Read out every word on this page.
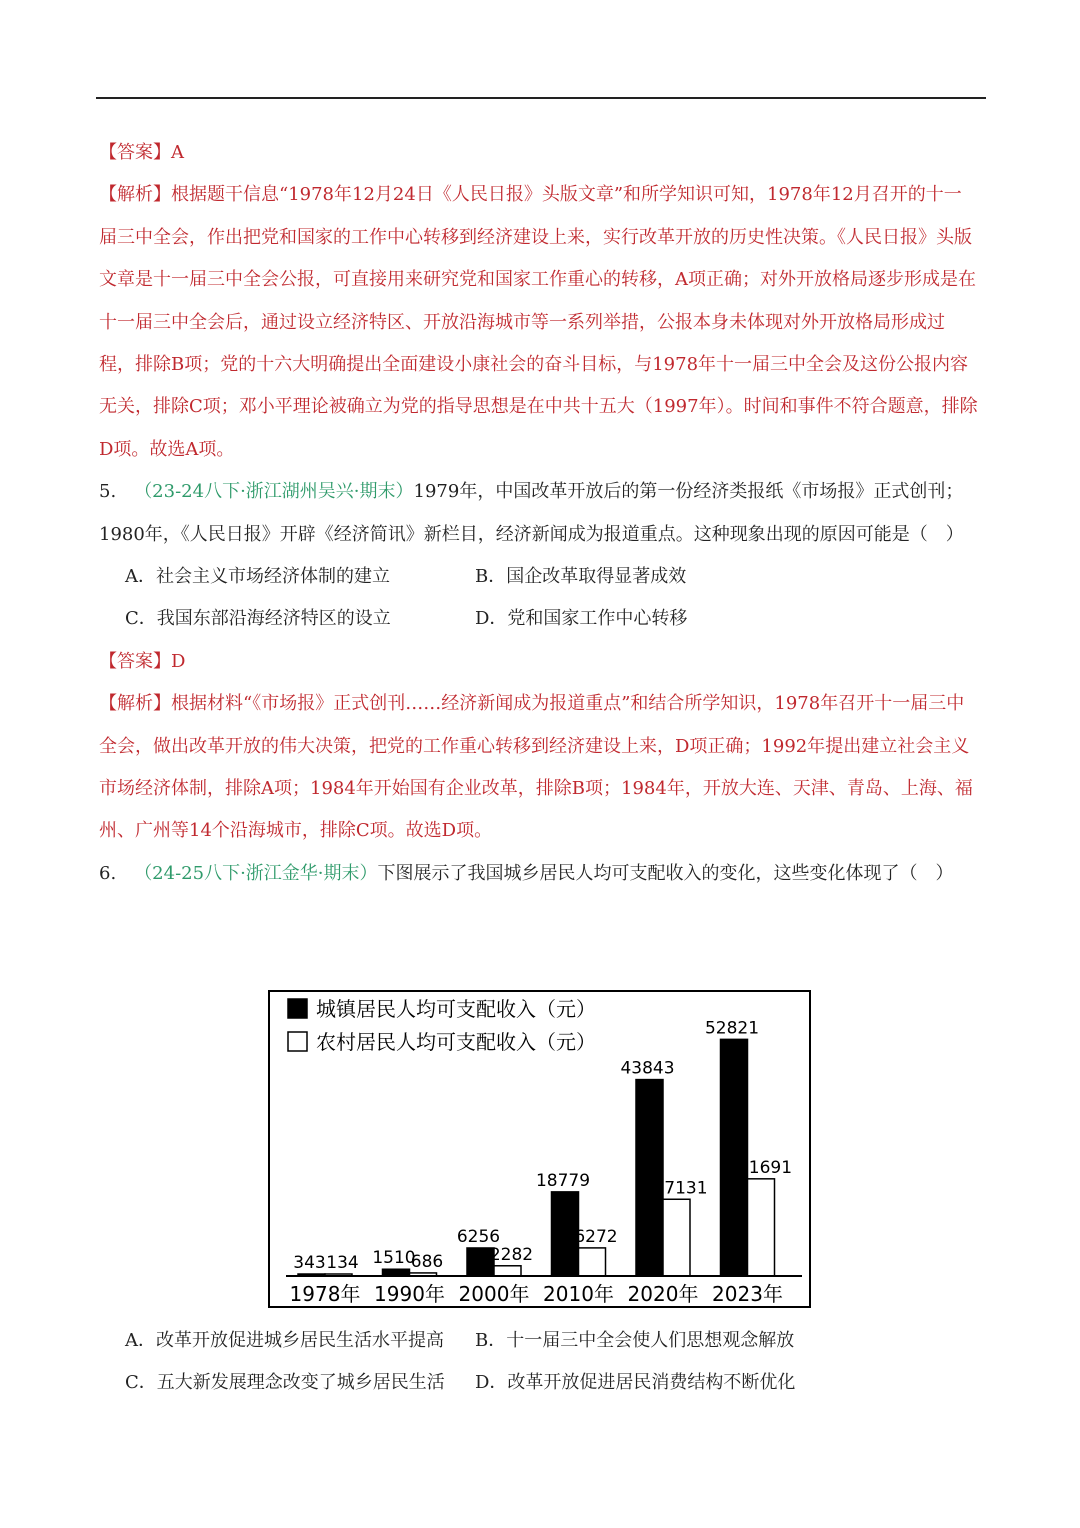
【答案】A

【解析】根据题干信息“1978年12月24日《人民日报》头版文章”和所学知识可知，1978年12月召开的十一届三中全会，作出把党和国家的工作中心转移到经济建设上来，实行改革开放的历史性决策。《人民日报》头版文章是十一届三中全会公报，可直接用来研究党和国家工作重心的转移，A项正确；对外开放格局逐步形成是在十一届三中全会后，通过设立经济特区、开放沿海城市等一系列举措，公报本身未体现对外开放格局形成过程，排除B项；党的十六大明确提出全面建设小康社会的奋斗目标，与1978年十一届三中全会及这份公报内容无关，排除C项；邓小平理论被确立为党的指导思想是在中共十五大（1997年）。时间和事件不符合题意，排除D项。故选A项。

5.  （23-24八下·浙江湖州吴兴·期末）1979年，中国改革开放后的第一份经济类报纸《市场报》正式创刊；1980年，《人民日报》开辟《经济简讯》新栏目，经济新闻成为报道重点。这种现象出现的原因可能是（　）

A．社会主义市场经济体制的建立	B．国企改革取得显著成效
C．我国东部沿海经济特区的设立	D．党和国家工作中心转移

【答案】D

【解析】根据材料“《市场报》正式创刊……经济新闻成为报道重点”和结合所学知识，1978年召开十一届三中全会，做出改革开放的伟大决策，把党的工作重心转移到经济建设上来，D项正确；1992年提出建立社会主义市场经济体制，排除A项；1984年开始国有企业改革，排除B项；1984年，开放大连、天津、青岛、上海、福州、广州等14个沿海城市，排除C项。故选D项。

6.  （24-25八下·浙江金华·期末）下图展示了我国城乡居民人均可支配收入的变化，这些变化体现了（　）

城镇居民人均可支配收入（元）
农村居民人均可支配收入（元）
343 134
1978年
1510
686
1990年
6256
2282
2000年
18779
6272
2010年
43843
17131
2020年
52821
21691
2023年
A．改革开放促进城乡居民生活水平提高 B．十一届三中全会使人们思想观念解放
C．五大新发展理念改变了城乡居民生活 D．改革开放促进居民消费结构不断优化
